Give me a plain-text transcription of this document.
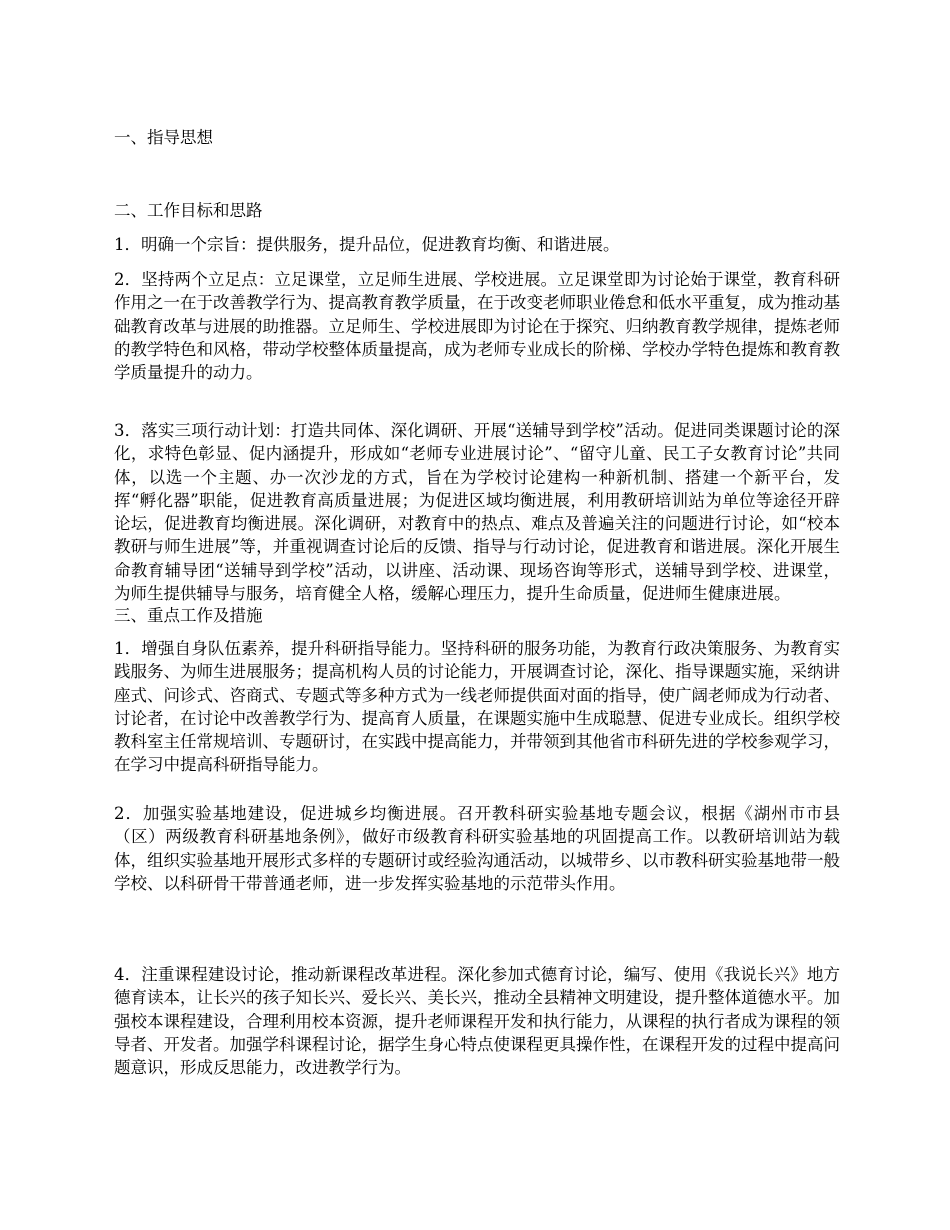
一、指导思想

二、工作目标和思路

1．明确一个宗旨：提供服务，提升品位，促进教育均衡、和谐进展。

2．坚持两个立足点：立足课堂，立足师生进展、学校进展。立足课堂即为讨论始于课堂，教育科研作用之一在于改善教学行为、提高教育教学质量，在于改变老师职业倦怠和低水平重复，成为推动基础教育改革与进展的助推器。立足师生、学校进展即为讨论在于探究、归纳教育教学规律，提炼老师的教学特色和风格，带动学校整体质量提高，成为老师专业成长的阶梯、学校办学特色提炼和教育教学质量提升的动力。

3．落实三项行动计划：打造共同体、深化调研、开展“送辅导到学校”活动。促进同类课题讨论的深化，求特色彰显、促内涵提升，形成如“老师专业进展讨论”、“留守儿童、民工子女教育讨论”共同体，以选一个主题、办一次沙龙的方式，旨在为学校讨论建构一种新机制、搭建一个新平台，发挥“孵化器”职能，促进教育高质量进展；为促进区域均衡进展，利用教研培训站为单位等途径开辟论坛，促进教育均衡进展。深化调研，对教育中的热点、难点及普遍关注的问题进行讨论，如“校本教研与师生进展”等，并重视调查讨论后的反馈、指导与行动讨论，促进教育和谐进展。深化开展生命教育辅导团“送辅导到学校”活动，以讲座、活动课、现场咨询等形式，送辅导到学校、进课堂，为师生提供辅导与服务，培育健全人格，缓解心理压力，提升生命质量，促进师生健康进展。

三、重点工作及措施

1．增强自身队伍素养，提升科研指导能力。坚持科研的服务功能，为教育行政决策服务、为教育实践服务、为师生进展服务；提高机构人员的讨论能力，开展调查讨论，深化、指导课题实施，采纳讲座式、问诊式、咨商式、专题式等多种方式为一线老师提供面对面的指导，使广阔老师成为行动者、讨论者，在讨论中改善教学行为、提高育人质量，在课题实施中生成聪慧、促进专业成长。组织学校教科室主任常规培训、专题研讨，在实践中提高能力，并带领到其他省市科研先进的学校参观学习，在学习中提高科研指导能力。

2．加强实验基地建设，促进城乡均衡进展。召开教科研实验基地专题会议，根据《湖州市市县（区）两级教育科研基地条例》，做好市级教育科研实验基地的巩固提高工作。以教研培训站为载体，组织实验基地开展形式多样的专题研讨或经验沟通活动，以城带乡、以市教科研实验基地带一般学校、以科研骨干带普通老师，进一步发挥实验基地的示范带头作用。

4．注重课程建设讨论，推动新课程改革进程。深化参加式德育讨论，编写、使用《我说长兴》地方德育读本，让长兴的孩子知长兴、爱长兴、美长兴，推动全县精神文明建设，提升整体道德水平。加强校本课程建设，合理利用校本资源，提升老师课程开发和执行能力，从课程的执行者成为课程的领导者、开发者。加强学科课程讨论，据学生身心特点使课程更具操作性，在课程开发的过程中提高问题意识，形成反思能力，改进教学行为。
